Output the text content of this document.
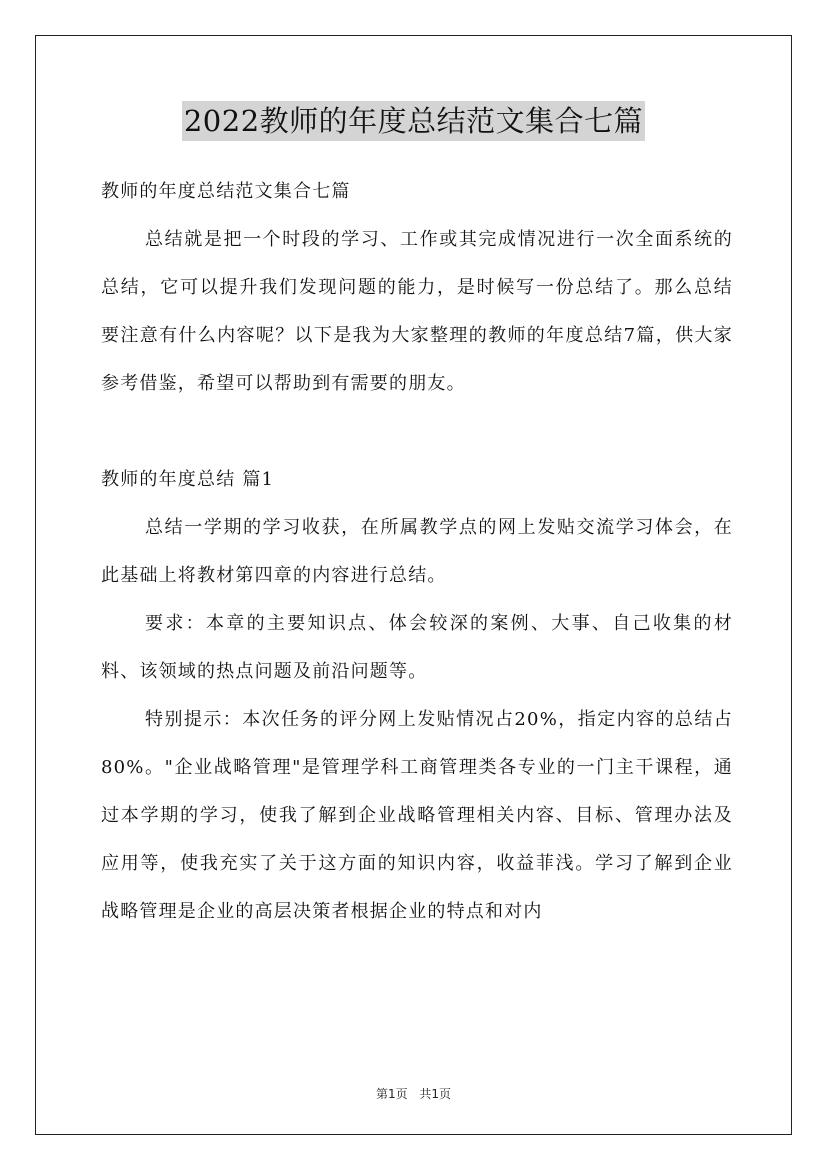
2022教师的年度总结范文集合七篇

教师的年度总结范文集合七篇

总结就是把一个时段的学习、工作或其完成情况进行一次全面系统的总结，它可以提升我们发现问题的能力，是时候写一份总结了。那么总结要注意有什么内容呢？以下是我为大家整理的教师的年度总结7篇，供大家参考借鉴，希望可以帮助到有需要的朋友。

教师的年度总结 篇1

总结一学期的学习收获，在所属教学点的网上发贴交流学习体会，在此基础上将教材第四章的内容进行总结。

要求：本章的主要知识点、体会较深的案例、大事、自己收集的材料、该领域的热点问题及前沿问题等。

特别提示：本次任务的评分网上发贴情况占20%，指定内容的总结占80%。"企业战略管理"是管理学科工商管理类各专业的一门主干课程，通过本学期的学习，使我了解到企业战略管理相关内容、目标、管理办法及应用等，使我充实了关于这方面的知识内容，收益菲浅。学习了解到企业战略管理是企业的高层决策者根据企业的特点和对内

第1页 共1页
